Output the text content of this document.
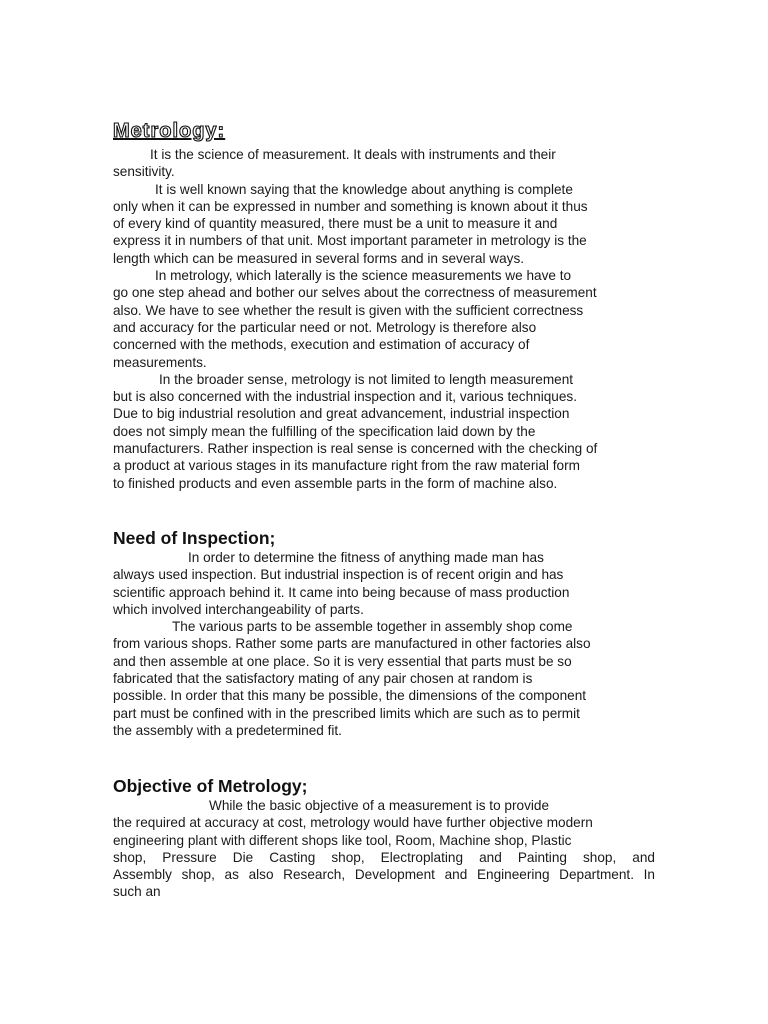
Metrology:
It is the science of measurement. It deals with instruments and their
sensitivity.
It is well known saying that the knowledge about anything is complete
only when it can be expressed in number and something is known about it thus
of every kind of quantity measured, there must be a unit to measure it and
express it in numbers of that unit. Most important parameter in metrology is the
length which can be measured in several forms and in several ways.
In metrology, which laterally is the science measurements we have to
go one step ahead and bother our selves about the correctness of measurement
also. We have to see whether the result is given with the sufficient correctness
and accuracy for the particular need or not. Metrology is therefore also
concerned with the methods, execution and estimation of accuracy of
measurements.
In the broader sense, metrology is not limited to length measurement
but is also concerned with the industrial inspection and it, various techniques.
Due to big industrial resolution and great advancement, industrial inspection
does not simply mean the fulfilling of the specification laid down by the
manufacturers. Rather inspection is real sense is concerned with the checking of
a product at various stages in its manufacture right from the raw material form
to finished products and even assemble parts in the form of machine also.
Need of Inspection;
In order to determine the fitness of anything made man has
always used inspection. But industrial inspection is of recent origin and has
scientific approach behind it. It came into being because of mass production
which involved interchangeability of parts.
The various parts to be assemble together in assembly shop come
from various shops. Rather some parts are manufactured in other factories also
and then assemble at one place. So it is very essential that parts must be so
fabricated that the satisfactory mating of any pair chosen at random is
possible. In order that this many be possible, the dimensions of the component
part must be confined with in the prescribed limits which are such as to permit
the assembly with a predetermined fit.
Objective of Metrology;
While the basic objective of a measurement is to provide
the required at accuracy at cost, metrology would have further objective modern
engineering plant with different shops like tool, Room, Machine shop, Plastic
shop, Pressure Die Casting shop, Electroplating and Painting shop, and
Assembly shop, as also Research, Development and Engineering Department. In
such an
